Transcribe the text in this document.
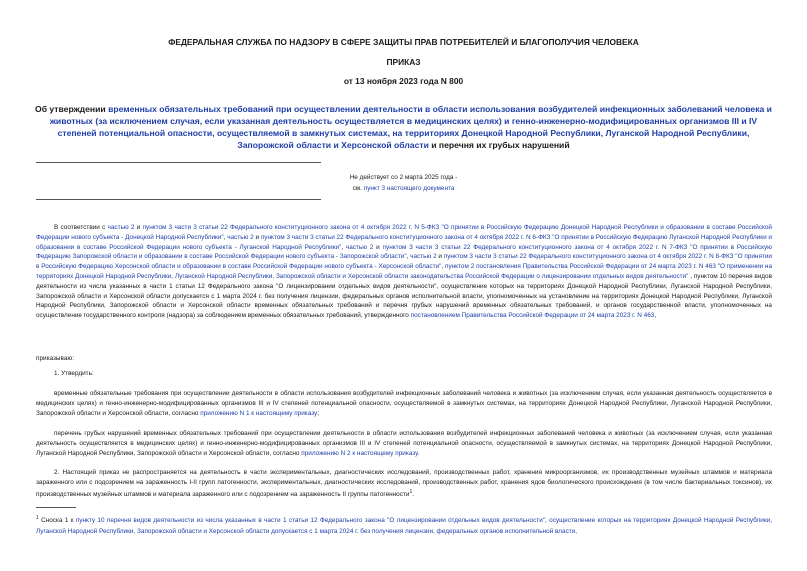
ФЕДЕРАЛЬНАЯ СЛУЖБА ПО НАДЗОРУ В СФЕРЕ ЗАЩИТЫ ПРАВ ПОТРЕБИТЕЛЕЙ И БЛАГОПОЛУЧИЯ ЧЕЛОВЕКА
ПРИКАЗ
от 13 ноября 2023 года N 800
Об утверждении временных обязательных требований при осуществлении деятельности в области использования возбудителей инфекционных заболеваний человека и животных (за исключением случая, если указанная деятельность осуществляется в медицинских целях) и генно-инженерно-модифицированных организмов III и IV степеней потенциальной опасности, осуществляемой в замкнутых системах, на территориях Донецкой Народной Республики, Луганской Народной Республики, Запорожской области и Херсонской области и перечня их грубых нарушений
Не действует со 2 марта 2025 года -
см. пункт 3 настоящего документа
В соответствии с частью 2 и пунктом 3 части 3 статьи 22 Федерального конституционного закона от 4 октября 2022 г. N 5-ФКЗ "О принятии в Российскую Федерацию Донецкой Народной Республики и образовании в составе Российской Федерации нового субъекта - Донецкой Народной Республики", частью 2 и пунктом 3 части 3 статьи 22 Федерального конституционного закона от 4 октября 2022 г. N 6-ФКЗ "О принятии в Российскую Федерацию Луганской Народной Республики и образовании в составе Российской Федерации нового субъекта - Луганской Народной Республики", частью 2 и пунктом 3 части 3 статьи 22 Федерального конституционного закона от 4 октября 2022 г. N 7-ФКЗ "О принятии в Российскую Федерацию Запорожской области и образовании в составе Российской Федерации нового субъекта - Запорожской области", частью 2 и пунктом 3 части 3 статьи 22 Федерального конституционного закона от 4 октября 2022 г. N 8-ФКЗ "О принятии в Российскую Федерацию Херсонской области и образовании в составе Российской Федерации нового субъекта - Херсонской области", пунктом 2 постановления Правительства Российской Федерации от 24 марта 2023 г. N 463 "О применении на территориях Донецкой Народной Республики, Луганской Народной Республики, Запорожской области и Херсонской области законодательства Российской Федерации о лицензировании отдельных видов деятельности" , пунктом 10 перечня видов деятельности из числа указанных в части 1 статьи 12 Федерального закона "О лицензировании отдельных видов деятельности", осуществление которых на территориях Донецкой Народной Республики, Луганской Народной Республики, Запорожской области и Херсонской области допускается с 1 марта 2024 г. без получения лицензии, федеральных органов исполнительной власти, уполномоченных на установление на территориях Донецкой Народной Республики, Луганской Народной Республики, Запорожской области и Херсонской области временных обязательных требований и перечня грубых нарушений временных обязательных требований, и органов государственной власти, уполномоченных на осуществление государственного контроля (надзора) за соблюдением временных обязательных требований, утвержденного постановлением Правительства Российской Федерации от 24 марта 2023 г. N 463,
приказываю:
1. Утвердить:
временные обязательные требования при осуществлении деятельности в области использования возбудителей инфекционных заболеваний человека и животных (за исключением случая, если указанная деятельность осуществляется в медицинских целях) и генно-инженерно-модифицированных организмов III и IV степеней потенциальной опасности, осуществляемой в замкнутых системах, на территориях Донецкой Народной Республики, Луганской Народной Республики, Запорожской области и Херсонской области, согласно приложению N 1 к настоящему приказу;
перечень грубых нарушений временных обязательных требований при осуществлении деятельности в области использования возбудителей инфекционных заболеваний человека и животных (за исключением случая, если указанная деятельность осуществляется в медицинских целях) и генно-инженерно-модифицированных организмов III и IV степеней потенциальной опасности, осуществляемой в замкнутых системах, на территориях Донецкой Народной Республики, Луганской Народной Республики, Запорожской области и Херсонской области, согласно приложению N 2 к настоящему приказу.
2. Настоящий приказ не распространяется на деятельность в части экспериментальных, диагностических исследований, производственных работ, хранения микроорганизмов, их производственных музейных штаммов и материала зараженного или с подозрением на зараженность I-II групп патогенности, экспериментальных, диагностических исследований, производственных работ, хранения ядов биологического происхождения (в том числе бактериальных токсинов), их производственных музейных штаммов и материала зараженного или с подозрением на зараженность II группы патогенности$^1$.
$^1$ Сноска 1 к пункту 10 перечня видов деятельности из числа указанных в части 1 статьи 12 Федерального закона "О лицензировании отдельных видов деятельности", осуществление которых на территориях Донецкой Народной Республики, Луганской Народной Республики, Запорожской области и Херсонской области допускается с 1 марта 2024 г. без получения лицензии, федеральных органов исполнительной власти,
